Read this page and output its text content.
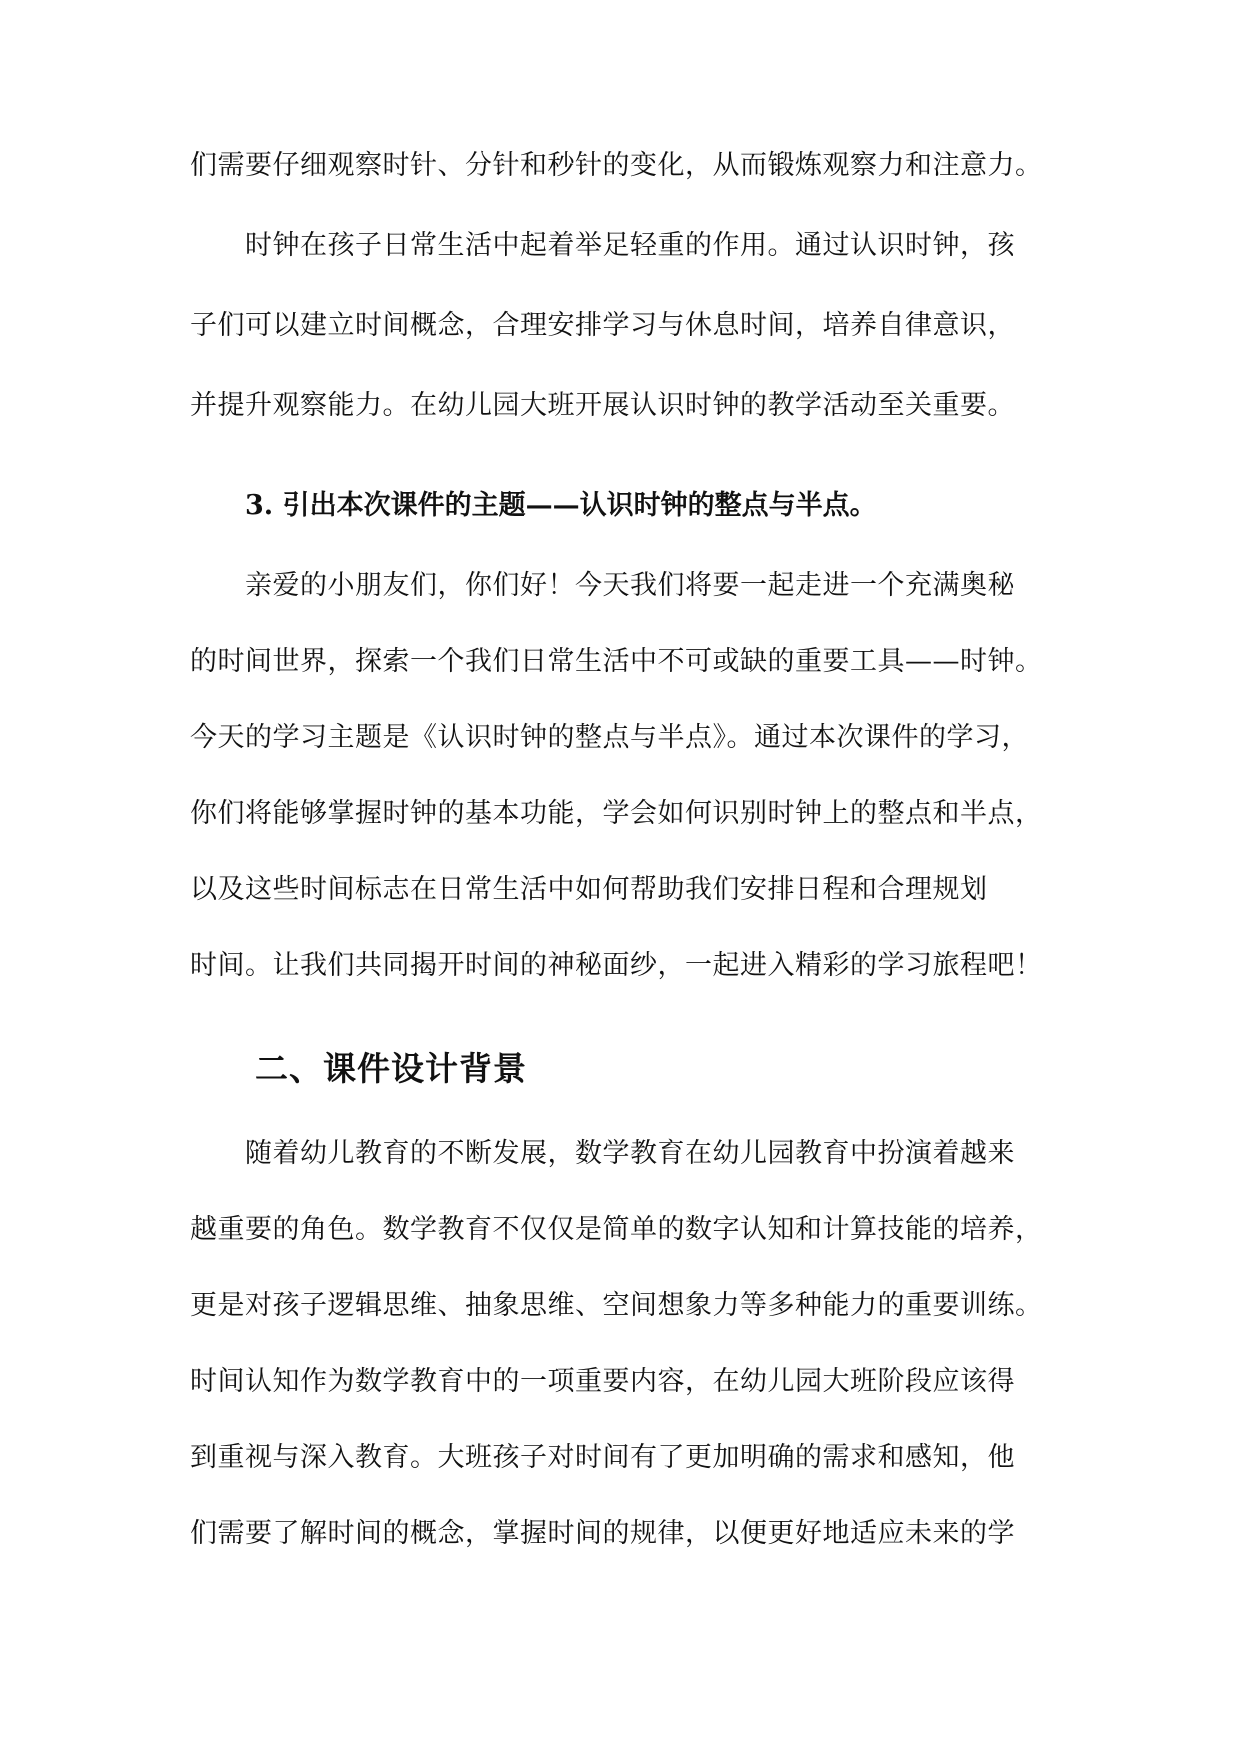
们需要仔细观察时针、分针和秒针的变化，从而锻炼观察力和注意力。
时钟在孩子日常生活中起着举足轻重的作用。通过认识时钟，孩
子们可以建立时间概念，合理安排学习与休息时间，培养自律意识，
并提升观察能力。在幼儿园大班开展认识时钟的教学活动至关重要。
3. 引出本次课件的主题——认识时钟的整点与半点。
亲爱的小朋友们，你们好！今天我们将要一起走进一个充满奥秘
的时间世界，探索一个我们日常生活中不可或缺的重要工具——时钟。
今天的学习主题是《认识时钟的整点与半点》。通过本次课件的学习，
你们将能够掌握时钟的基本功能，学会如何识别时钟上的整点和半点，
以及这些时间标志在日常生活中如何帮助我们安排日程和合理规划
时间。让我们共同揭开时间的神秘面纱，一起进入精彩的学习旅程吧！
二、课件设计背景
随着幼儿教育的不断发展，数学教育在幼儿园教育中扮演着越来
越重要的角色。数学教育不仅仅是简单的数字认知和计算技能的培养，
更是对孩子逻辑思维、抽象思维、空间想象力等多种能力的重要训练。
时间认知作为数学教育中的一项重要内容，在幼儿园大班阶段应该得
到重视与深入教育。大班孩子对时间有了更加明确的需求和感知，他
们需要了解时间的概念，掌握时间的规律，以便更好地适应未来的学
